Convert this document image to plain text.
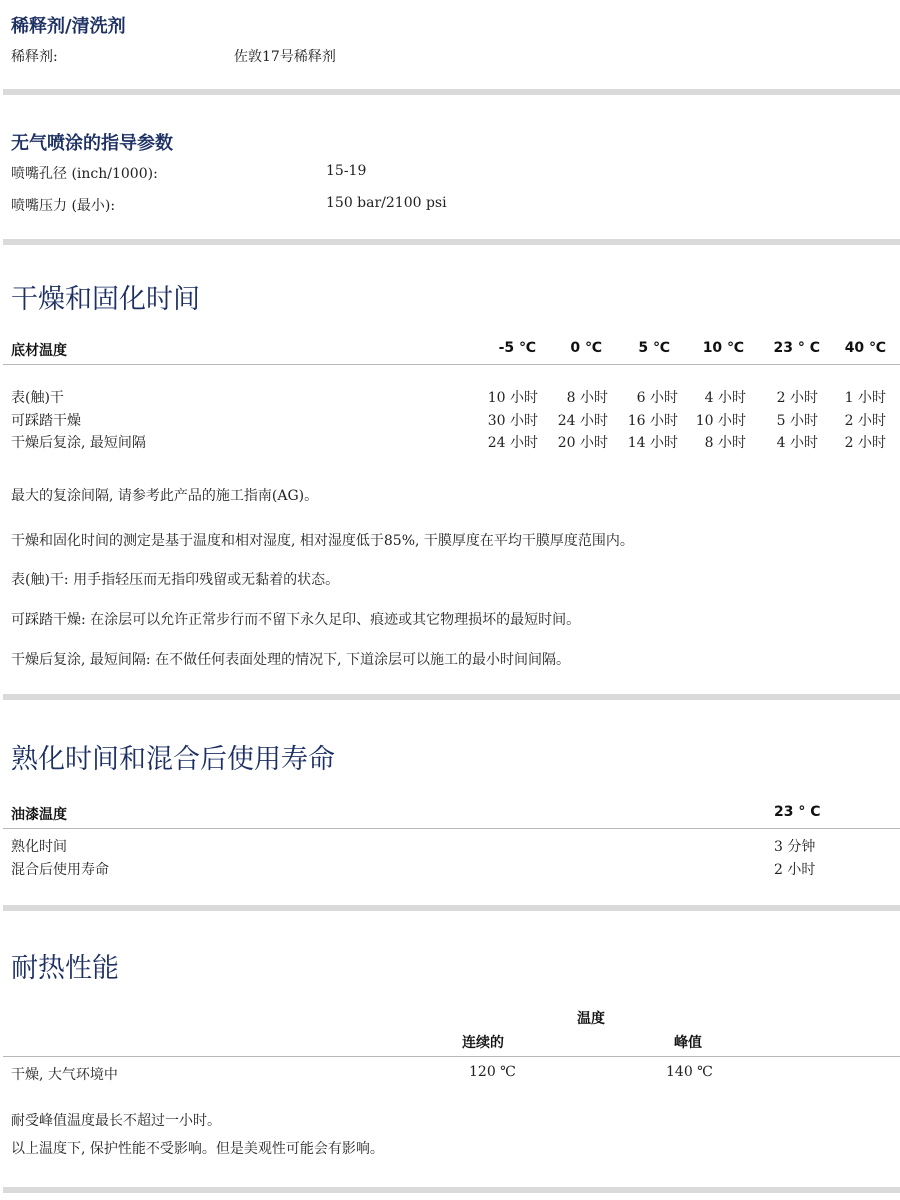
稀释剂/清洗剂
稀释剂:	佐敦17号稀释剂
无气喷涂的指导参数
喷嘴孔径 (inch/1000):	15-19
喷嘴压力 (最小):	150 bar/2100 psi
干燥和固化时间
底材温度	-5 ℃ 0 ℃	5 ℃ 10 ℃ 23 ° C 40 ℃
表(触)干	10 小时 8 小时 6 小时 4 小时 2 小时 1 小时
可踩踏干燥	30 小时 24 小时 16 小时 10 小时 5 小时 2 小时
干燥后复涂, 最短间隔	24 小时 20 小时 14 小时 8 小时 4 小时 2 小时
最大的复涂间隔, 请参考此产品的施工指南(AG)。
干燥和固化时间的测定是基于温度和相对湿度, 相对湿度低于85%, 干膜厚度在平均干膜厚度范围内。
表(触)干: 用手指轻压而无指印残留或无黏着的状态。
可踩踏干燥: 在涂层可以允许正常步行而不留下永久足印、痕迹或其它物理损坏的最短时间。
干燥后复涂, 最短间隔: 在不做任何表面处理的情况下, 下道涂层可以施工的最小时间间隔。
熟化时间和混合后使用寿命
油漆温度	23 ° C
熟化时间	3 分钟
混合后使用寿命	2 小时
耐热性能
温度
连续的	峰值
干燥, 大气环境中	120 ℃	140 ℃
耐受峰值温度最长不超过一小时。
以上温度下, 保护性能不受影响。但是美观性可能会有影响。
